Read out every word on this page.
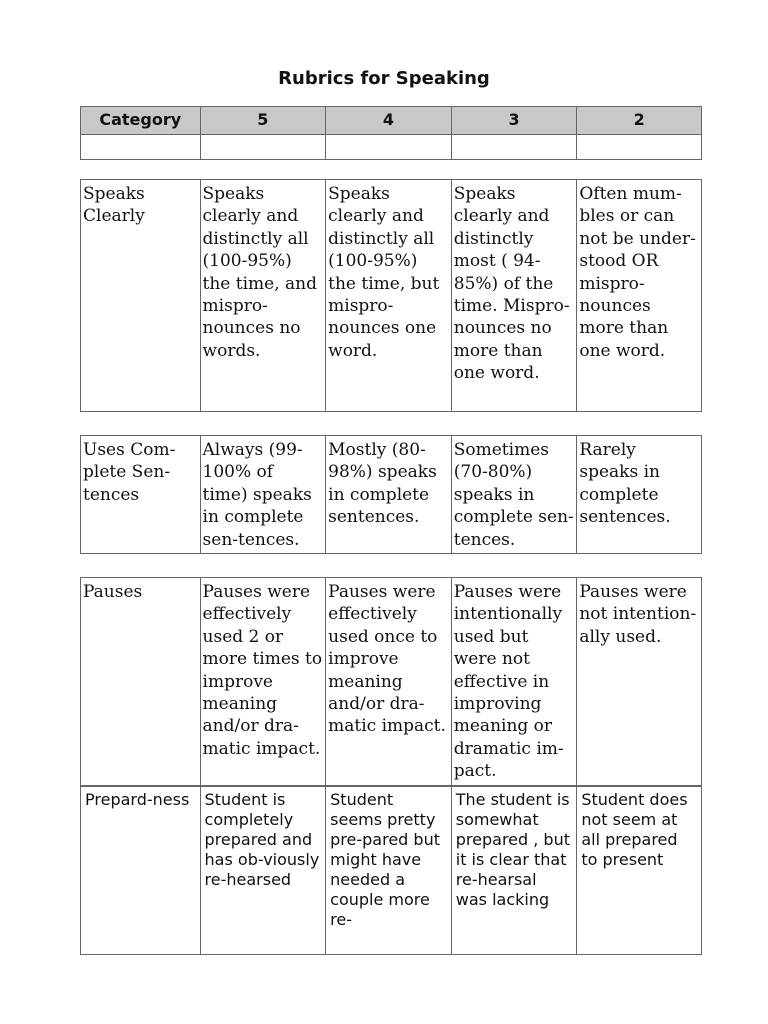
Rubrics for Speaking
Category	5	4	3	2

Speaks Clearly	Speaks clearly and distinctly all (100-95%) the time, and mispro-nounces no words.	Speaks clearly and distinctly all (100-95%) the time, but mispro-nounces one word.	Speaks clearly and distinctly most ( 94-85%) of the time. Mispro-nounces no more than one word.	Often mum-bles or can not be under-stood OR mispro-nounces more than one word.
Uses Com-plete Sen-tences	Always (99-100% of time) speaks in complete sen-tences.	Mostly (80-98%) speaks in complete sentences.	Sometimes (70-80%) speaks in complete sen-tences.	Rarely speaks in complete sentences.
Pauses	Pauses were effectively used 2 or more times to improve meaning and/or dra-matic impact.	Pauses were effectively used once to improve meaning and/or dra-matic impact.	Pauses were intentionally used but were not effective in improving meaning or dramatic im-pact.	Pauses were not intention-ally used.
Prepard-ness	Student is completely prepared and has ob-viously re-hearsed	Student seems pretty pre-pared but might have needed a couple more re-	The student is somewhat prepared , but it is clear that re-hearsal was lacking	Student does not seem at all prepared to present
